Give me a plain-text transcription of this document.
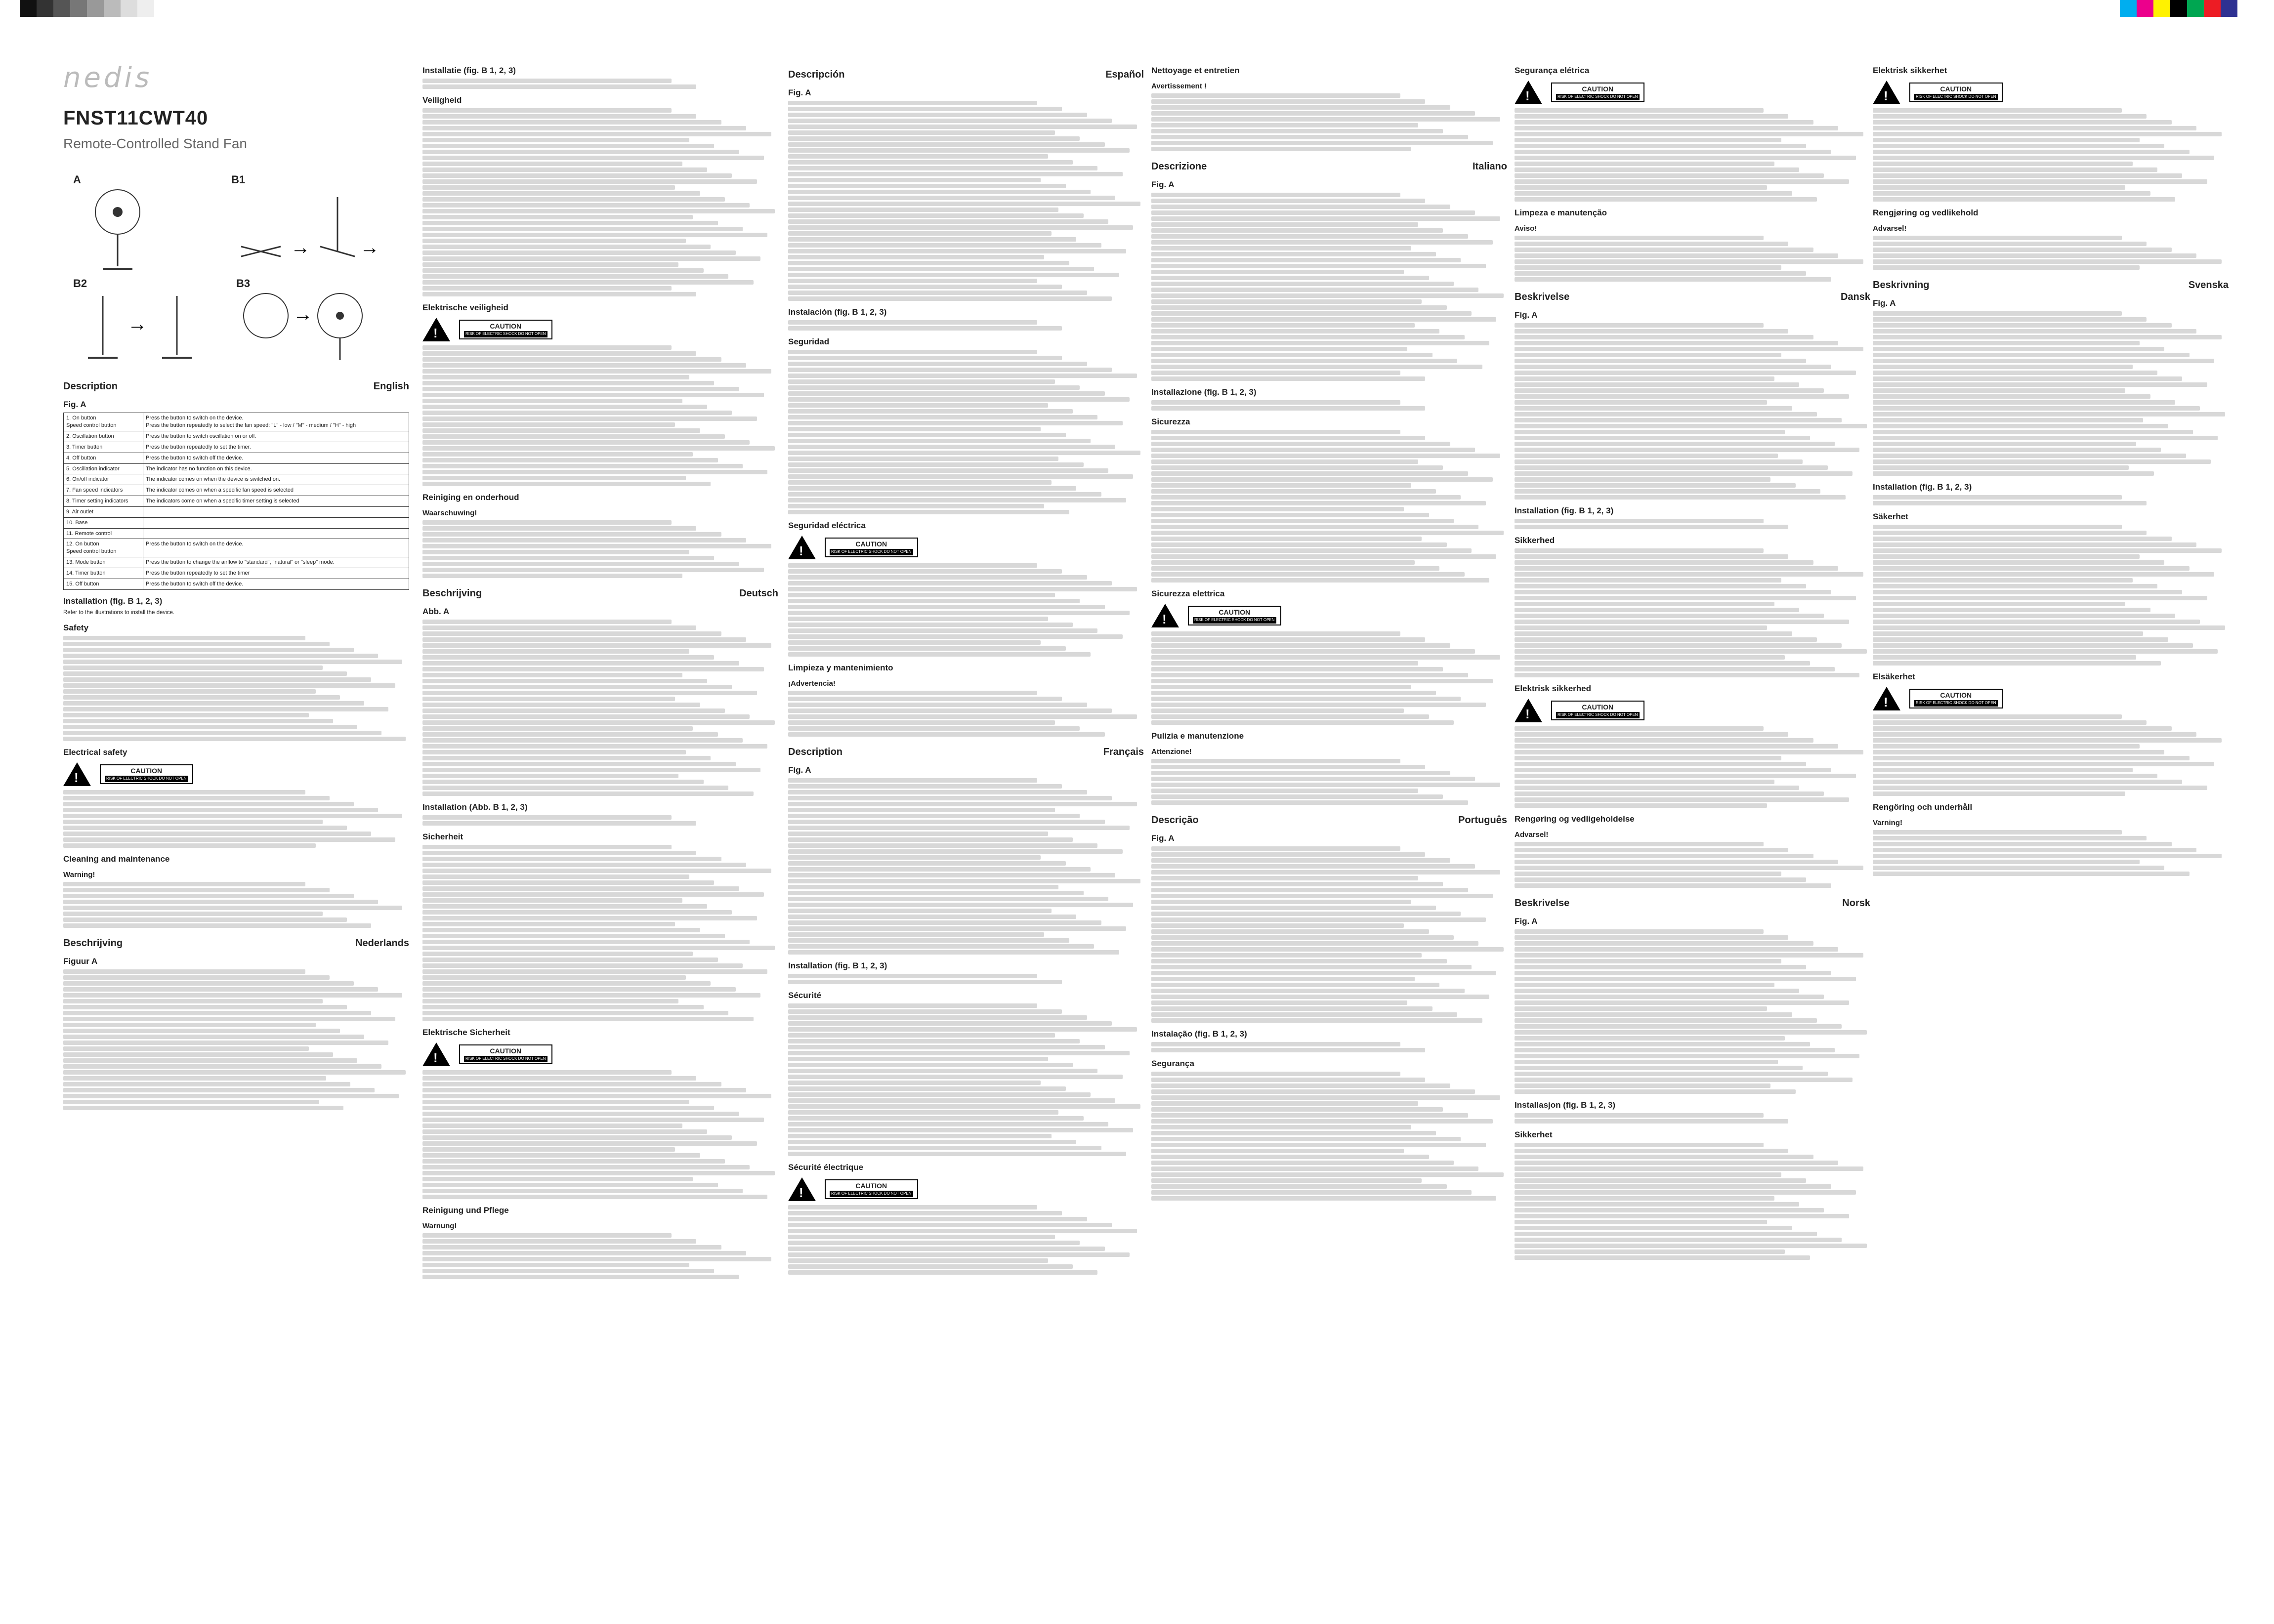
nedis
FNST11CWT40
Remote-Controlled Stand Fan
A	B1
→	→
B2
→
B3
→
Description	English
Fig. A
1. On button
Speed control button	Press the button to switch on the device.
Press the button repeatedly to select the fan speed: "L" - low / "M" - medium / "H" - high
2. Oscillation button	Press the button to switch oscillation on or off.
3. Timer button	Press the button repeatedly to set the timer.
4. Off button	Press the button to switch off the device.
5. Oscillation indicator	The indicator has no function on this device.
6. On/off indicator	The indicator comes on when the device is switched on.
7. Fan speed indicators	The indicator comes on when a specific fan speed is selected
8. Timer setting indicators	The indicators come on when a specific timer setting is selected
9. Air outlet	
10. Base	
11. Remote control	
12. On button
Speed control button	Press the button to switch on the device.
13. Mode button	Press the button to change the airflow to "standard", "natural" or "sleep" mode.
14. Timer button	Press the button repeatedly to set the timer
15. Off button	Press the button to switch off the device.
Installation (fig. B 1, 2, 3)

Refer to the illustrations to install the device.

Safety
Electrical safety
!	CAUTION
RISK OF ELECTRIC SHOCK DO NOT OPEN
Cleaning and maintenance
Warning!
Beschrijving	Nederlands
Figuur A
Installatie (fig. B 1, 2, 3)
Veiligheid
Elektrische veiligheid
!	CAUTION
RISK OF ELECTRIC SHOCK DO NOT OPEN
Reiniging en onderhoud
Waarschuwing!
Beschrijving	Deutsch
Abb. A
Installation (Abb. B 1, 2, 3)
Sicherheit
Elektrische Sicherheit
!	CAUTION
RISK OF ELECTRIC SHOCK DO NOT OPEN
Reinigung und Pflege
Warnung!
Descripción	Español
Fig. A
Instalación (fig. B 1, 2, 3)
Seguridad
Seguridad eléctrica
!	CAUTION
RISK OF ELECTRIC SHOCK DO NOT OPEN
Limpieza y mantenimiento
¡Advertencia!
Description	Français
Fig. A
Installation (fig. B 1, 2, 3)
Sécurité
Sécurité électrique
!	CAUTION
RISK OF ELECTRIC SHOCK DO NOT OPEN
Nettoyage et entretien
Avertissement !
Descrizione	Italiano
Fig. A
Installazione (fig. B 1, 2, 3)
Sicurezza
Sicurezza elettrica
!	CAUTION
RISK OF ELECTRIC SHOCK DO NOT OPEN
Pulizia e manutenzione
Attenzione!
Descrição	Português
Fig. A
Instalação (fig. B 1, 2, 3)
Segurança
Segurança elétrica
!	CAUTION
RISK OF ELECTRIC SHOCK DO NOT OPEN
Limpeza e manutenção
Aviso!
Beskrivelse	Dansk
Fig. A
Installation (fig. B 1, 2, 3)
Sikkerhed
Elektrisk sikkerhed
!	CAUTION
RISK OF ELECTRIC SHOCK DO NOT OPEN
Rengøring og vedligeholdelse
Advarsel!
Beskrivelse	Norsk
Fig. A
Installasjon (fig. B 1, 2, 3)
Sikkerhet
Elektrisk sikkerhet
!	CAUTION
RISK OF ELECTRIC SHOCK DO NOT OPEN
Rengjøring og vedlikehold
Advarsel!
Beskrivning	Svenska
Fig. A
Installation (fig. B 1, 2, 3)
Säkerhet
Elsäkerhet
!	CAUTION
RISK OF ELECTRIC SHOCK DO NOT OPEN
Rengöring och underhåll
Varning!
